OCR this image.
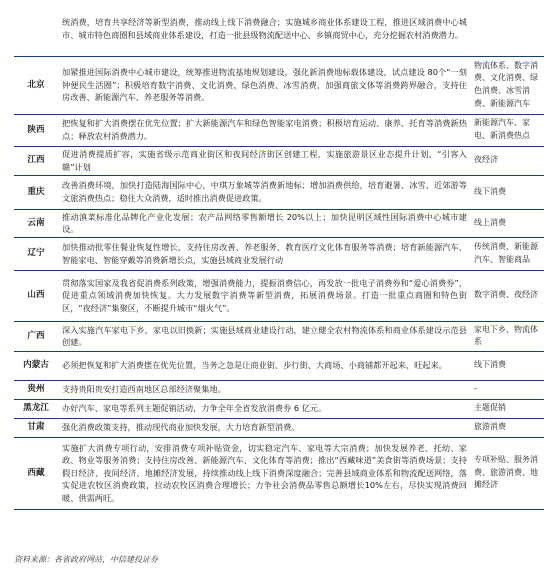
	统消费，培育共享经济等新型消费，推动线上线下消费融合；实施城乡商业体系建设工程，推进区域消费中心城市、城市特色商圈和县域商业体系建设，打造一批县级物流配送中心、乡镇商贸中心，充分挖掘农村消费潜力。	
北京	加紧推进国际消费中心城市建设，统筹推进物流基地规划建设，强化新消费地标载体建设，试点建设 80个“一刻钟便民生活圈”；积极培育数字消费、文化消费、绿色消费、冰雪消费，加强商旅文体等消费跨界融合，支持住房改善、新能源汽车、养老服务等消费。	物流体系、数字消费、文化消费、绿色消费、冰雪消费、新能源汽车
陕西	把恢复和扩大消费摆在优先位置；扩大新能源汽车和绿色智能家电消费；积极培育运动、康养、托育等消费新热点；释放农村消费潜力。	新能源汽车、家电、新消费热点
江西	促进消费提质扩容，实施省级示范商业街区和夜间经济街区创建工程，实施旅游景区业态提升计划、“引客入赣”计划	夜经济
重庆	改善消费环境，加快打造陆海国际中心，中琪万象城等消费新地标；增加消费供给，培育避暑、冰雪、近郊游等文旅消费热点；稳住大众消费，适时推出消费促进政策。	线下消费
云南	推动滇菜标准化品牌化产业化发展；农产品网络零售额增长 20%以上；加快昆明区域性国际消费中心城市建设。	线上消费
辽宁	加快推动批零住餐业恢复性增长，支持住房改善、养老服务、教育医疗文化体育服务等消费；培育新能源汽车、智能家电、智能穿戴等消费新增长点，实施县域商业发展行动	传统消费、新能源汽车、智能商品
山西	贯彻落实国家及我省促消费系列政策，增强消费能力，提振消费信心，再发放一批电子消费券和“爱心消费券”，促进重点领域消费加快恢复。大力发展数字消费等新型消费，拓展消费场景。打造一批重点商圈和特色街区，“夜经济”集聚区，不断提升城市“烟火气”。	数字消费、夜经济
广西	深入实施汽车家电下乡，家电以旧换新；实施县域商业建设行动，建立健全农村物流体系和商业体系建设示范县创建。	家电下乡、物流体系
内蒙古	必须把恢复和扩大消费摆在优先位置，当务之急是让商业街、步行街、大商场、小商铺都开起来、旺起来。	线下消费
贵州	支持贵阳贵安打造西南地区总部经济聚集地。	-
黑龙江	办好汽车、家电等系列主题促销活动，力争全年全省发放消费券 6 亿元。	主题促销
甘肃	强化消费政策支持，推动现代商业加快发展，大力培育新型消费。	旅游消费
西藏	实施扩大消费专项行动，安排消费专项补贴资金，切实稳定汽车、家电等大宗消费；加快发展养老、托幼、家政、物业等服务消费；支持住房改善、新能源汽车、文化体育等消费；推出“西藏味道”美食街等消费场景；支持假日经济、夜间经济、地摊经济发展，持续推动线上线下消费深度融合；完善县域商业体系和物流配送网络，落实促进农牧区消费政策，拉动农牧区消费合理增长；力争社会消费品零售总额增长10%左右，尽快实现消费回暖、供需两旺。	专项补贴、服务消费、旅游消费、地摊经济
资料来源：各省政府网站，中信建投证券
